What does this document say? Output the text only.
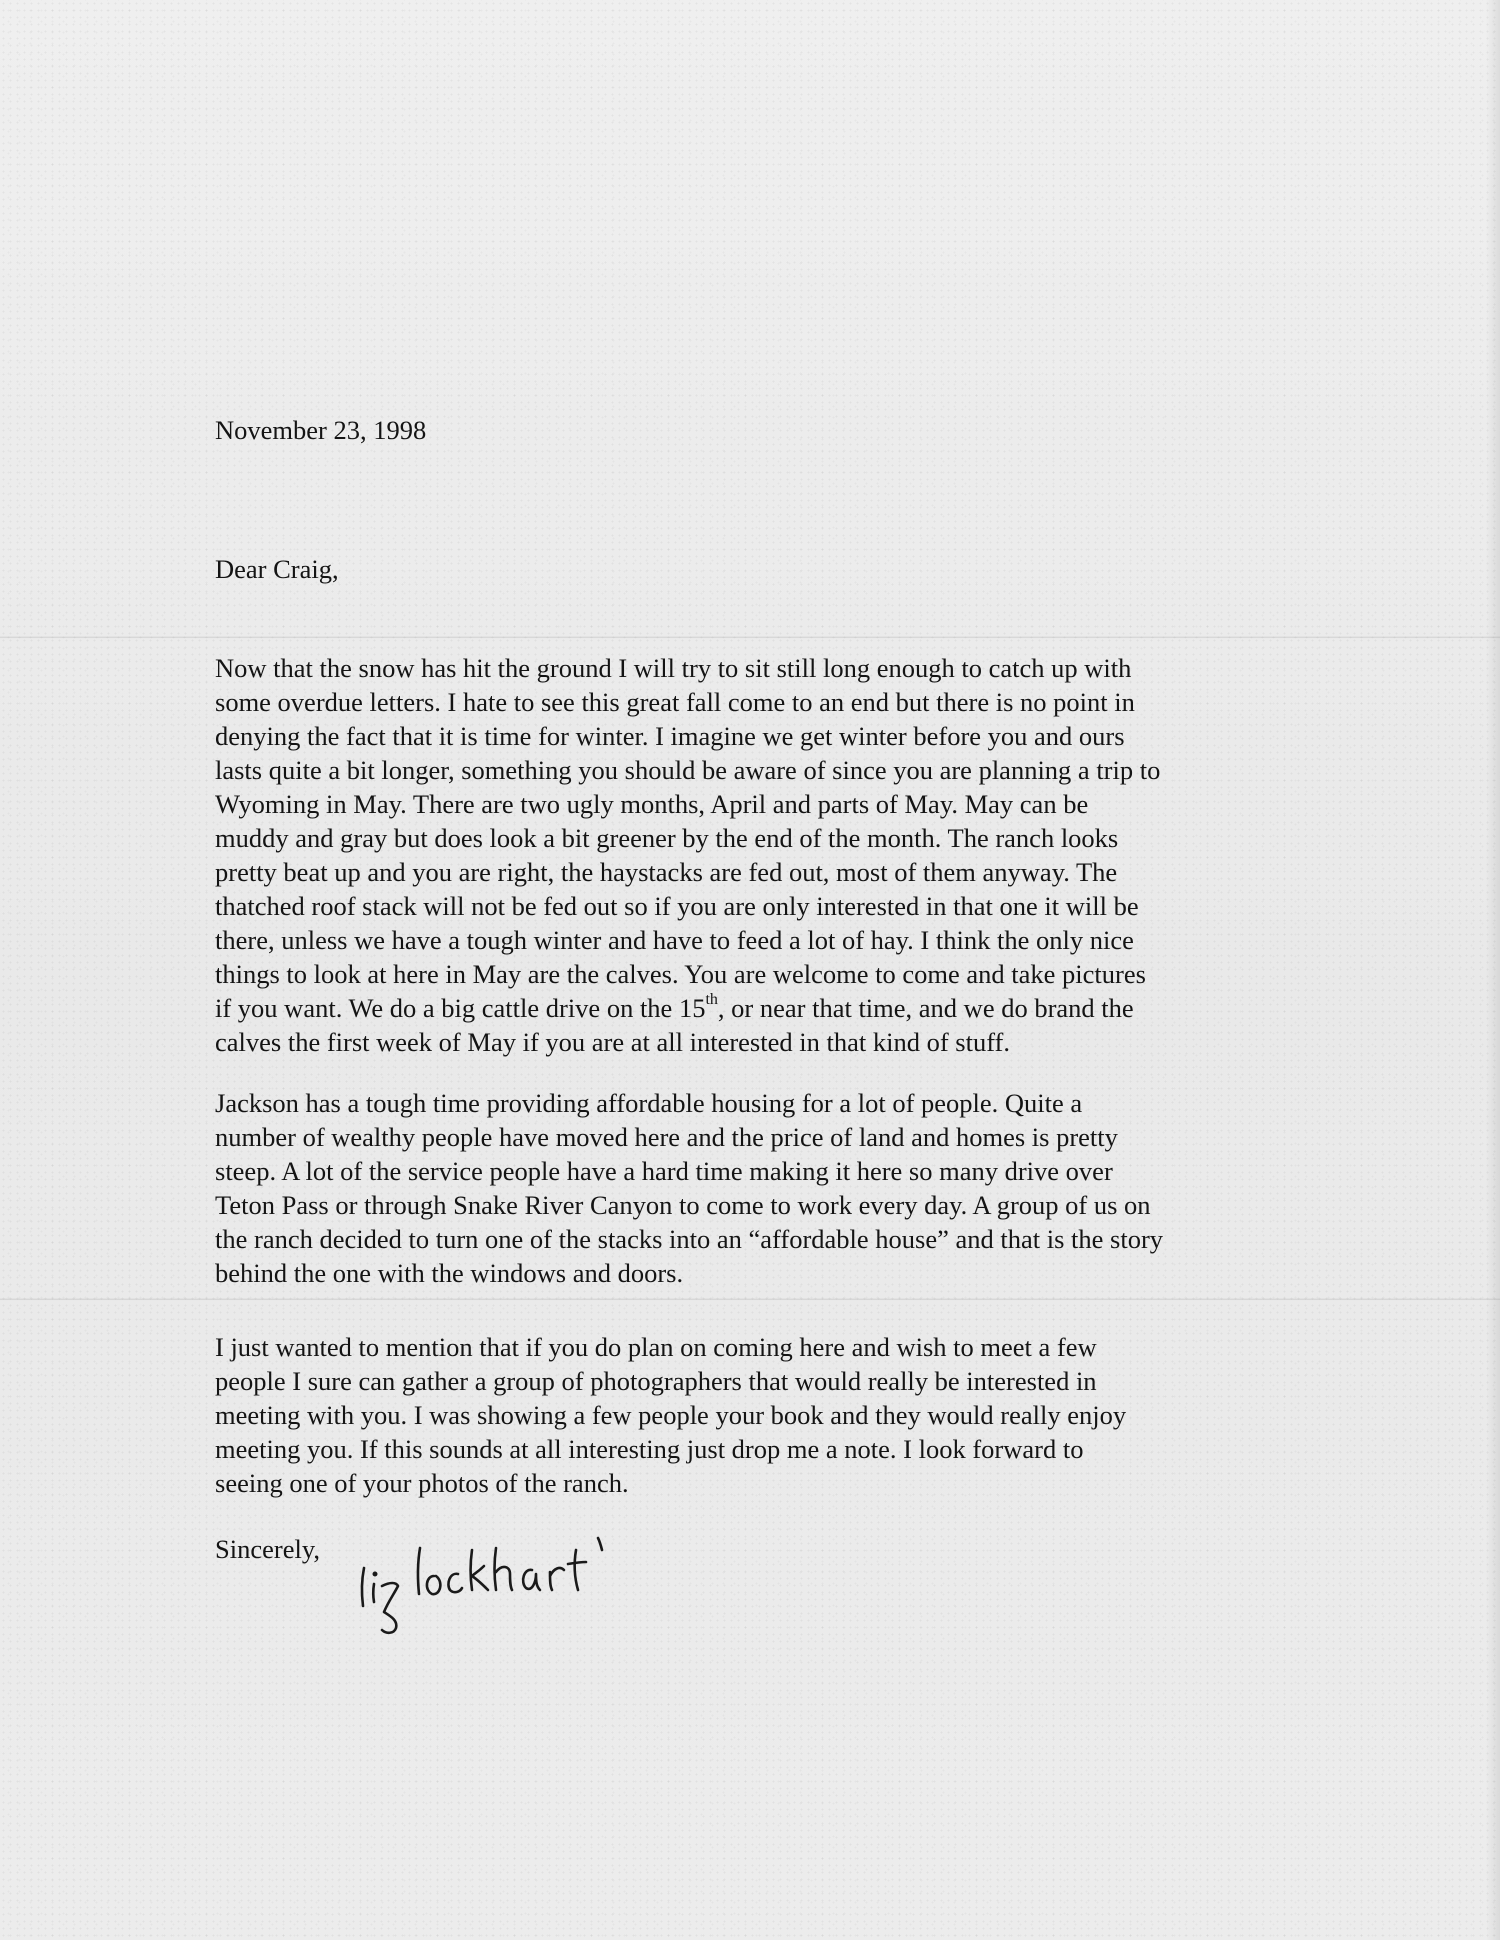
November 23, 1998
Dear Craig,
Now that the snow has hit the ground I will try to sit still long enough to catch up with
some overdue letters. I hate to see this great fall come to an end but there is no point in
denying the fact that it is time for winter. I imagine we get winter before you and ours
lasts quite a bit longer, something you should be aware of since you are planning a trip to
Wyoming in May. There are two ugly months, April and parts of May. May can be
muddy and gray but does look a bit greener by the end of the month. The ranch looks
pretty beat up and you are right, the haystacks are fed out, most of them anyway. The
thatched roof stack will not be fed out so if you are only interested in that one it will be
there, unless we have a tough winter and have to feed a lot of hay. I think the only nice
things to look at here in May are the calves. You are welcome to come and take pictures
if you want. We do a big cattle drive on the 15th, or near that time, and we do brand the
calves the first week of May if you are at all interested in that kind of stuff.
Jackson has a tough time providing affordable housing for a lot of people. Quite a
number of wealthy people have moved here and the price of land and homes is pretty
steep. A lot of the service people have a hard time making it here so many drive over
Teton Pass or through Snake River Canyon to come to work every day. A group of us on
the ranch decided to turn one of the stacks into an “affordable house” and that is the story
behind the one with the windows and doors.
I just wanted to mention that if you do plan on coming here and wish to meet a few
people I sure can gather a group of photographers that would really be interested in
meeting with you. I was showing a few people your book and they would really enjoy
meeting you. If this sounds at all interesting just drop me a note. I look forward to
seeing one of your photos of the ranch.
Sincerely,
